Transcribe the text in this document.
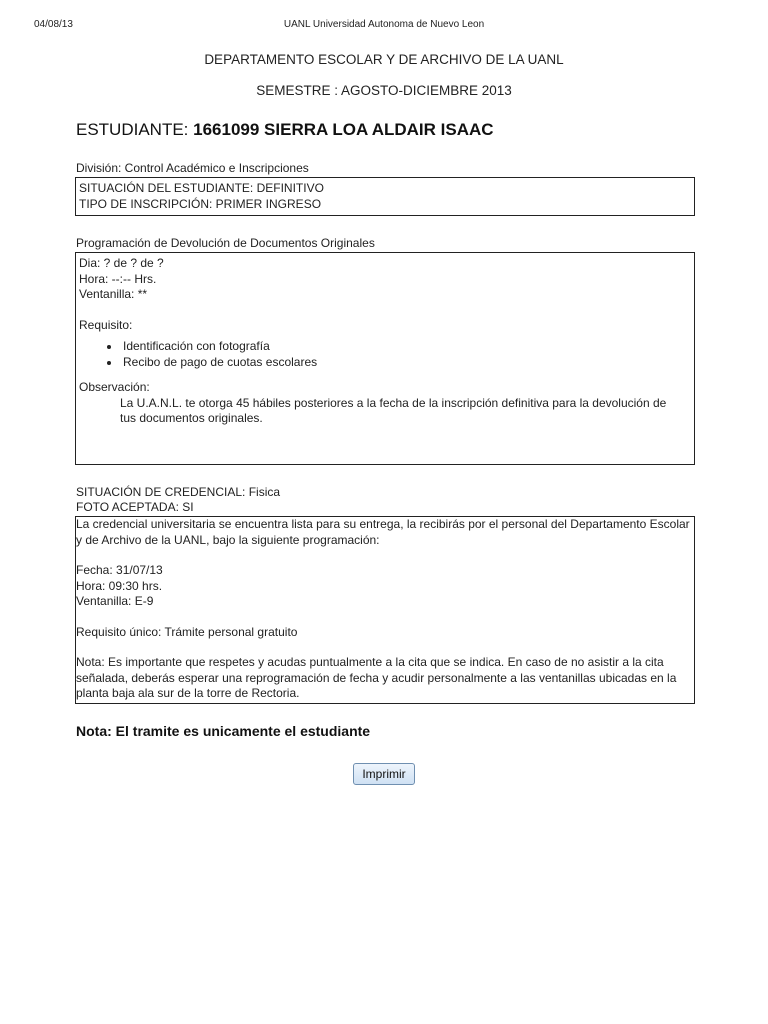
04/08/13	UANL Universidad Autonoma de Nuevo Leon
DEPARTAMENTO ESCOLAR Y DE ARCHIVO DE LA UANL
SEMESTRE : AGOSTO-DICIEMBRE 2013
ESTUDIANTE: 1661099 SIERRA LOA ALDAIR ISAAC
División: Control Académico e Inscripciones

SITUACIÓN DEL ESTUDIANTE: DEFINITIVO

TIPO DE INSCRIPCIÓN: PRIMER INGRESO

Programación de Devolución de Documentos Originales

Dia: ? de ? de ?

Hora: --:-- Hrs.

Ventanilla: **

Requisito:

• Identificación con fotografía
• Recibo de pago de cuotas escolares

Observación:

La U.A.N.L. te otorga 45 hábiles posteriores a la fecha de la inscripción definitiva para la devolución de tus documentos originales.

SITUACIÓN DE CREDENCIAL: Fisica
FOTO ACEPTADA: SI

La credencial universitaria se encuentra lista para su entrega, la recibirás por el personal del Departamento Escolar y de Archivo de la UANL, bajo la siguiente programación:

Fecha: 31/07/13

Hora: 09:30 hrs.

Ventanilla: E-9

Requisito único: Trámite personal gratuito

Nota: Es importante que respetes y acudas puntualmente a la cita que se indica. En caso de no asistir a la cita señalada, deberás esperar una reprogramación de fecha y acudir personalmente a las ventanillas ubicadas en la planta baja ala sur de la torre de Rectoria.

Nota: El tramite es unicamente el estudiante
Imprimir
